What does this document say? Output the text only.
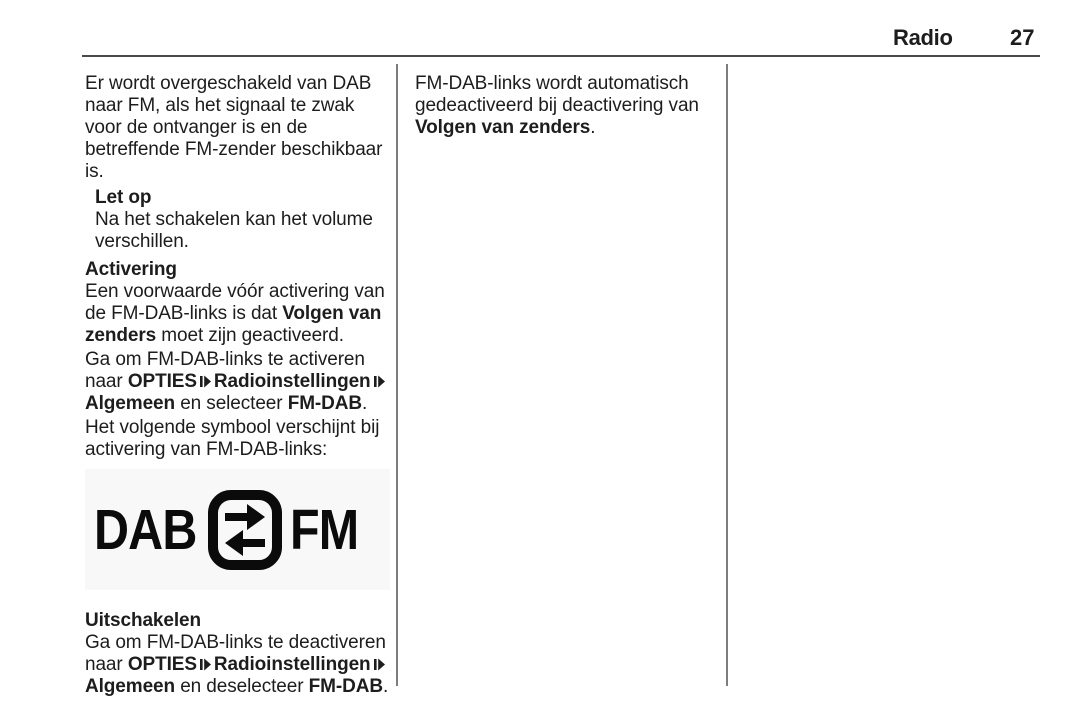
Radio	27

Er wordt overgeschakeld van DAB naar FM, als het signaal te zwak voor de ontvanger is en de betreffende FM-zender beschikbaar is.

Let op
Na het schakelen kan het volume verschillen.
Activering

Een voorwaarde vóór activering van de FM-DAB-links is dat Volgen van zenders moet zijn geactiveerd.

Ga om FM-DAB-links te activeren naar OPTIES RadioinstellingenAlgemeen en selecteer FM-DAB.

Het volgende symbool verschijnt bij activering van FM-DAB-links:

DAB FM
Uitschakelen

Ga om FM-DAB-links te deactiveren naar OPTIES RadioinstellingenAlgemeen en deselecteer FM-DAB.

FM-DAB-links wordt automatisch gedeactiveerd bij deactivering van Volgen van zenders.
